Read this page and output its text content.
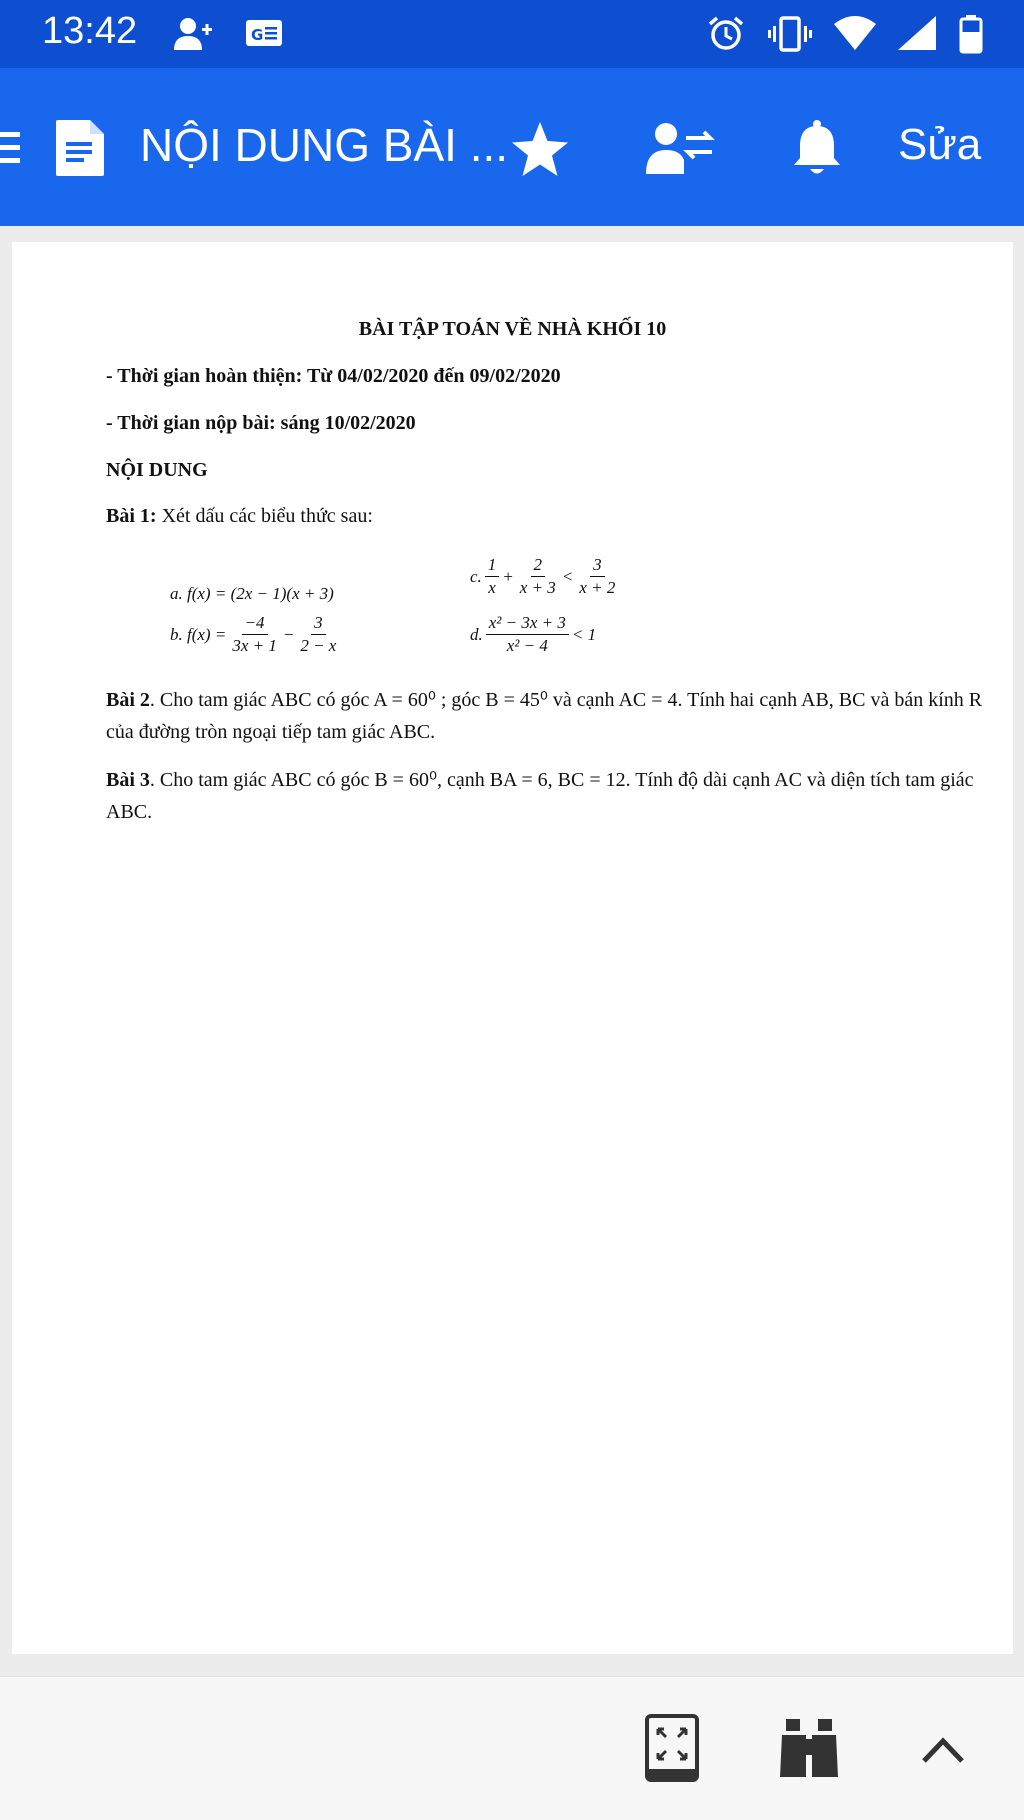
13:42	G
NỘI DUNG BÀI ...	Sửa
BÀI TẬP TOÁN VỀ NHÀ KHỐI 10
- Thời gian hoàn thiện: Từ 04/02/2020 đến 09/02/2020
- Thời gian nộp bài: sáng 10/02/2020
NỘI DUNG
Bài 1: Xét dấu các biểu thức sau:
a. f(x) = (2x − 1)(x + 3)
b. $f(x) = \frac{-4}{3x + 1} - \frac{3}{2 - x}$
c. $\frac{1}{x} + \frac{2}{x + 3} < \frac{3}{x + 2}$
d. $\frac{\text{x² − 3x + 3}}{\text{x² − 4}} < 1$
Bài 2. Cho tam giác ABC có góc A = 60⁰ ; góc B = 45⁰ và cạnh AC = 4. Tính hai cạnh AB, BC và bán kính R của đường tròn ngoại tiếp tam giác ABC.
Bài 3. Cho tam giác ABC có góc B = 60⁰, cạnh BA = 6, BC = 12. Tính độ dài cạnh AC và diện tích tam giác ABC.
